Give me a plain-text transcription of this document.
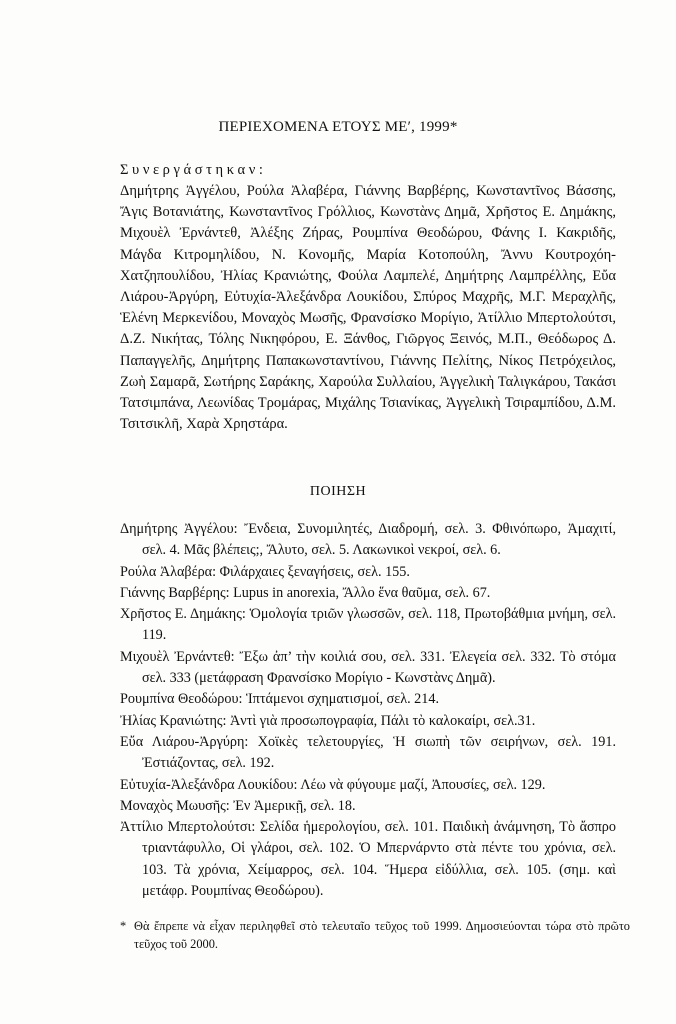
ΠΕΡΙΕΧΟΜΕΝΑ ΕΤΟΥΣ ΜΕʹ, 1999*

Συνεργάστηκαν:

Δημήτρης Ἀγγέλου, Ρούλα Ἀλαβέρα, Γιάννης Βαρβέρης, Κωνσταντῖνος Βάσσης, Ἄγις Βοτανιάτης, Κωνσταντῖνος Γρόλλιος, Κωνστὰνς Δημᾶ, Χρῆστος Ε. Δημάκης, Μιχουὲλ Ἐρνάντεθ, Ἀλέξης Ζήρας, Ρουμπίνα Θεοδώρου, Φάνης Ι. Κακριδῆς, Μάγδα Κιτρομηλίδου, Ν. Κονομῆς, Μαρία Κοτοπούλη, Ἄννυ Κουτροχόη-Χατζηπουλίδου, Ἠλίας Κρανιώτης, Φούλα Λαμπελέ, Δημήτρης Λαμπρέλλης, Εὔα Λιάρου-Ἀργύρη, Εὐτυχία-Ἀλεξάνδρα Λουκίδου, Σπύρος Μαχρῆς, Μ.Γ. Μεραχλῆς, Ἑλένη Μερκενίδου, Μοναχὸς Μωσῆς, Φρανσίσκο Μορίγιο, Ἀτίλλιο Μπερτολούτσι, Δ.Ζ. Νικήτας, Τόλης Νικηφόρου, Ε. Ξάνθος, Γιῶργος Ξεινός, Μ.Π., Θεόδωρος Δ. Παπαγγελῆς, Δημήτρης Παπακωνσταντίνου, Γιάννης Πελίτης, Νίκος Πετρόχειλος, Ζωὴ Σαμαρᾶ, Σωτήρης Σαράκης, Χαρούλα Συλλαίου, Ἀγγελικὴ Ταλιγκάρου, Τακάσι Τατσιμπάνα, Λεωνίδας Τρομάρας, Μιχάλης Τσιανίκας, Ἀγγελικὴ Τσιραμπίδου, Δ.Μ. Τσιτσικλῆ, Χαρὰ Χρηστάρα.

ΠΟΙΗΣΗ

Δημήτρης Ἀγγέλου: Ἔνδεια, Συνομιλητές, Διαδρομή, σελ. 3. Φθινόπωρο, Ἀμαχιτί, σελ. 4. Μᾶς βλέπεις;, Ἄλυτο, σελ. 5. Λακωνικοὶ νεκροί, σελ. 6.

Ρούλα Ἀλαβέρα: Φιλάρχαιες ξεναγήσεις, σελ. 155.

Γιάννης Βαρβέρης: Lupus in anorexia, Ἄλλο ἕνα θαῦμα, σελ. 67.

Χρῆστος Ε. Δημάκης: Ὁμολογία τριῶν γλωσσῶν, σελ. 118, Πρωτοβάθμια μνήμη, σελ. 119.

Μιχουὲλ Ἐρνάντεθ: Ἔξω ἀπ’ τὴν κοιλιά σου, σελ. 331. Ἐλεγεία σελ. 332. Τὸ στόμα σελ. 333 (μετάφραση Φρανσίσκο Μορίγιο - Κωνστὰνς Δημᾶ).

Ρουμπίνα Θεοδώρου: Ἱπτάμενοι σχηματισμοί, σελ. 214.

Ἠλίας Κρανιώτης: Ἀντὶ γιὰ προσωπογραφία, Πάλι τὸ καλοκαίρι, σελ.31.

Εὔα Λιάρου-Ἀργύρη: Χοϊκὲς τελετουργίες, Ἡ σιωπὴ τῶν σειρήνων, σελ. 191. Ἐστιάζοντας, σελ. 192.

Εὐτυχία-Ἀλεξάνδρα Λουκίδου: Λέω νὰ φύγουμε μαζί, Ἀπουσίες, σελ. 129.

Μοναχὸς Μωυσῆς: Ἐν Ἀμερικῇ, σελ. 18.

Ἀττίλιο Μπερτολούτσι: Σελίδα ἡμερολογίου, σελ. 101. Παιδικὴ ἀνάμνηση, Τὸ ἄσπρο τριαντάφυλλο, Οἱ γλάροι, σελ. 102. Ὁ Μπερνάρντο στὰ πέντε του χρόνια, σελ. 103. Τὰ χρόνια, Χείμαρρος, σελ. 104. Ἥμερα εἰδύλλια, σελ. 105. (σημ. καὶ μετάφρ. Ρουμπίνας Θεοδώρου).

* Θὰ ἔπρεπε νὰ εἶχαν περιληφθεῖ στὸ τελευταῖο τεῦχος τοῦ 1999. Δημοσιεύονται τώρα στὸ πρῶτο τεῦχος τοῦ 2000.
